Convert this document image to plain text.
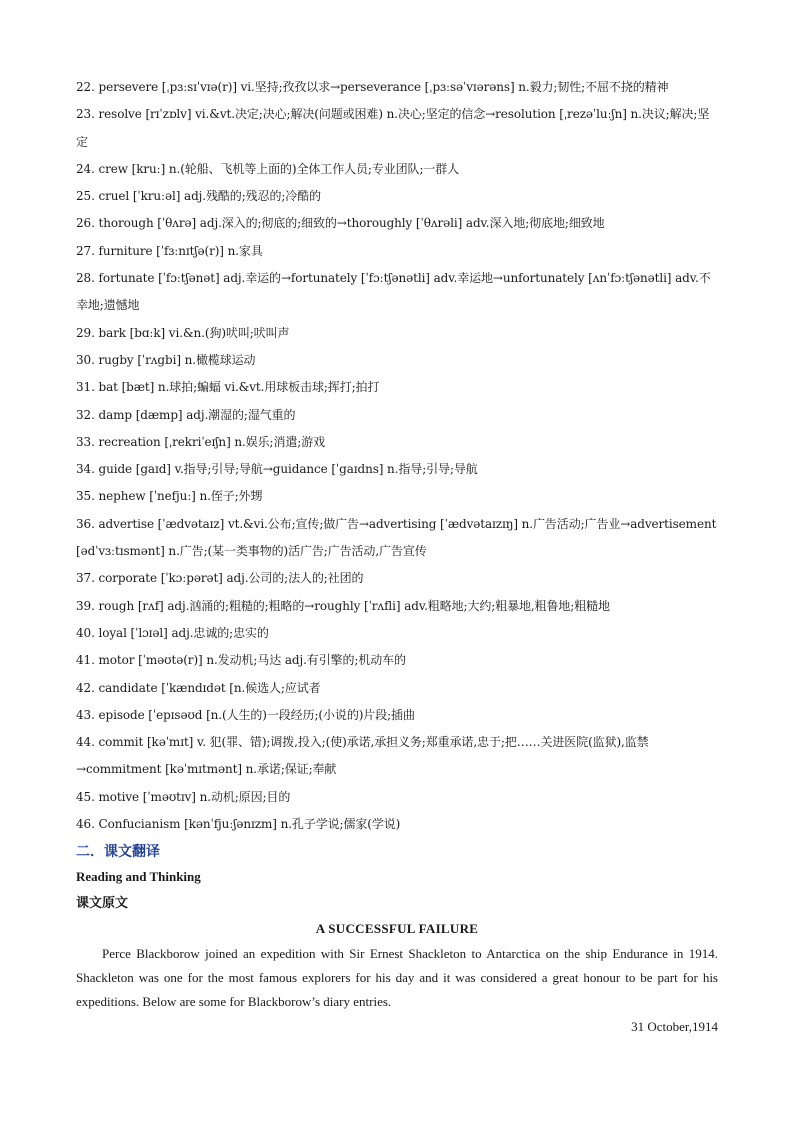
22. persevere [ˌpɜːsɪˈvɪə(r)] vi.坚持;孜孜以求→perseverance [ˌpɜːsəˈvɪərəns] n.毅力;韧性;不屈不挠的精神
23. resolve [rɪˈzɒlv] vi.&vt.决定;决心;解决(问题或困难) n.决心;坚定的信念→resolution [ˌrezəˈluːʃn] n.决议;解决;坚定
24. crew [kruː] n.(轮船、飞机等上面的)全体工作人员;专业团队;一群人
25. cruel [ˈkruːəl] adj.残酷的;残忍的;冷酷的
26. thorough [ˈθʌrə] adj.深入的;彻底的;细致的→thoroughly [ˈθʌrəli] adv.深入地;彻底地;细致地
27. furniture [ˈfɜːnɪtʃə(r)] n.家具
28. fortunate [ˈfɔːtʃənət] adj.幸运的→fortunately [ˈfɔːtʃənətli] adv.幸运地→unfortunately [ʌnˈfɔːtʃənətli] adv.不幸地;遗憾地
29. bark [bɑːk] vi.&n.(狗)吠叫;吠叫声
30. rugby [ˈrʌgbi] n.橄榄球运动
31. bat [bæt] n.球拍;蝙蝠 vi.&vt.用球板击球;挥打;拍打
32. damp [dæmp] adj.潮湿的;湿气重的
33. recreation [ˌrekriˈeɪʃn] n.娱乐;消遣;游戏
34. guide [gaɪd] v.指导;引导;导航→guidance [ˈgaɪdns] n.指导;引导;导航
35. nephew [ˈnefjuː] n.侄子;外甥
36. advertise [ˈædvətaɪz] vt.&vi.公布;宣传;做广告→advertising [ˈædvətaɪzɪŋ] n.广告活动;广告业→advertisement [ədˈvɜːtɪsmənt] n.广告;(某一类事物的)活广告;广告活动,广告宣传
37. corporate [ˈkɔːpərət] adj.公司的;法人的;社团的
39. rough [rʌf] adj.汹涌的;粗糙的;粗略的→roughly [ˈrʌfli] adv.粗略地;大约;粗暴地,粗鲁地;粗糙地
40. loyal [ˈlɔɪəl] adj.忠诚的;忠实的
41. motor [ˈməʊtə(r)] n.发动机;马达 adj.有引擎的;机动车的
42. candidate [ˈkændɪdət [n.候选人;应试者
43. episode [ˈepɪsəʊd [n.(人生的)一段经历;(小说的)片段;插曲
44. commit [kəˈmɪt] v. 犯(罪、错);调拨,投入;(使)承诺,承担义务;郑重承诺,忠于;把……关进医院(监狱),监禁→commitment [kəˈmɪtmənt] n.承诺;保证;奉献
45. motive [ˈməʊtɪv] n.动机;原因;目的
46. Confucianism [kənˈfjuːʃənɪzm] n.孔子学说;儒家(学说)
二．课文翻译
Reading and Thinking
课文原文
A SUCCESSFUL FAILURE

Perce Blackborow joined an expedition with Sir Ernest Shackleton to Antarctica on the ship Endurance in 1914. Shackleton was one for the most famous explorers for his day and it was considered a great honour to be part for his expeditions. Below are some for Blackborow’s diary entries.

31 October,1914
